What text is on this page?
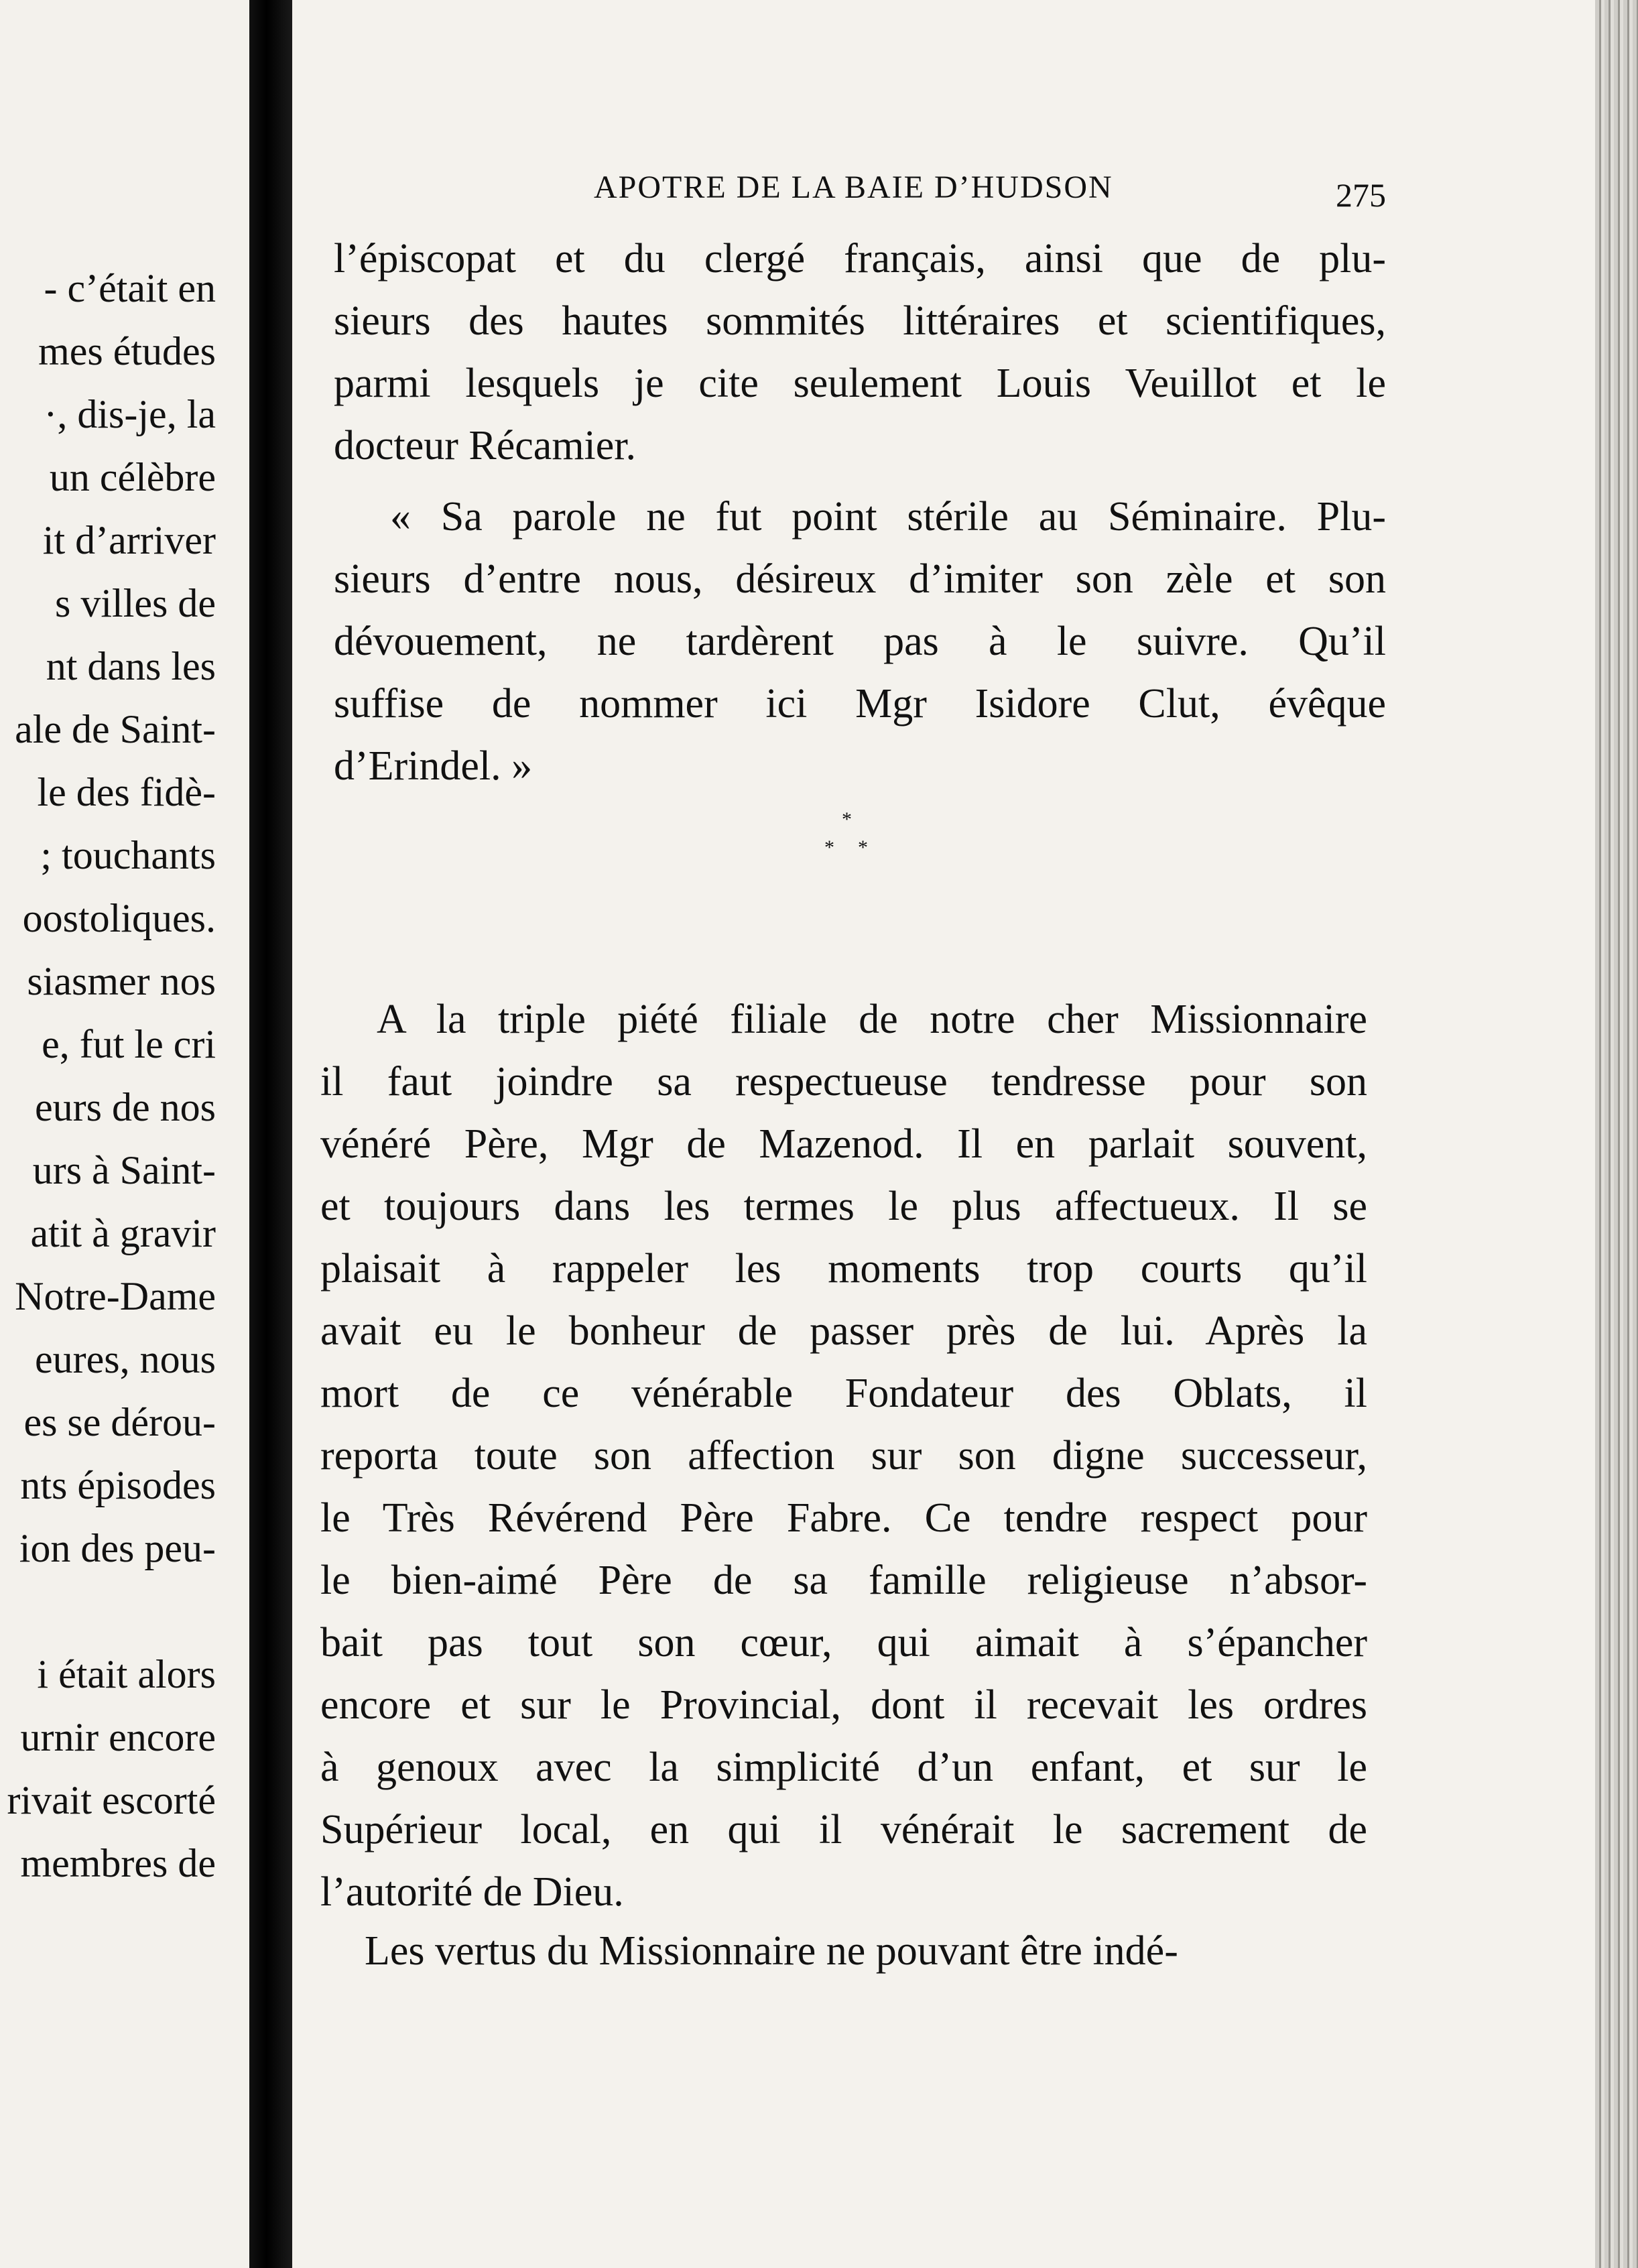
- c’était en
mes études
·, dis-je, la
un célèbre
it d’arriver
s villes de
nt dans les
ale de Saint-
le des fidè-
; touchants
oostoliques.
siasmer nos
e, fut le cri
eurs de nos
urs à Saint-
atit à gravir
Notre-Dame
eures, nous
es se dérou-
nts épisodes
ion des peu-
i était alors
urnir encore
rivait escorté
membres de
APOTRE DE LA BAIE D’HUDSON	275
l’épiscopat et du clergé français, ainsi que de plu-
sieurs des hautes sommités littéraires et scientifiques,
parmi lesquels je cite seulement Louis Veuillot et le
docteur Récamier.
« Sa parole ne fut point stérile au Séminaire. Plu-
sieurs d’entre nous, désireux d’imiter son zèle et son
dévouement, ne tardèrent pas à le suivre. Qu’il
suffise de nommer ici Mgr Isidore Clut, évêque
d’Erindel. »
A la triple piété filiale de notre cher Missionnaire
il faut joindre sa respectueuse tendresse pour son
vénéré Père, Mgr de Mazenod. Il en parlait souvent,
et toujours dans les termes le plus affectueux. Il se
plaisait à rappeler les moments trop courts qu’il
avait eu le bonheur de passer près de lui. Après la
mort de ce vénérable Fondateur des Oblats, il
reporta toute son affection sur son digne successeur,
le Très Révérend Père Fabre. Ce tendre respect pour
le bien-aimé Père de sa famille religieuse n’absor-
bait pas tout son cœur, qui aimait à s’épancher
encore et sur le Provincial, dont il recevait les ordres
à genoux avec la simplicité d’un enfant, et sur le
Supérieur local, en qui il vénérait le sacrement de
l’autorité de Dieu.
Les vertus du Missionnaire ne pouvant être indé-
*
* *
